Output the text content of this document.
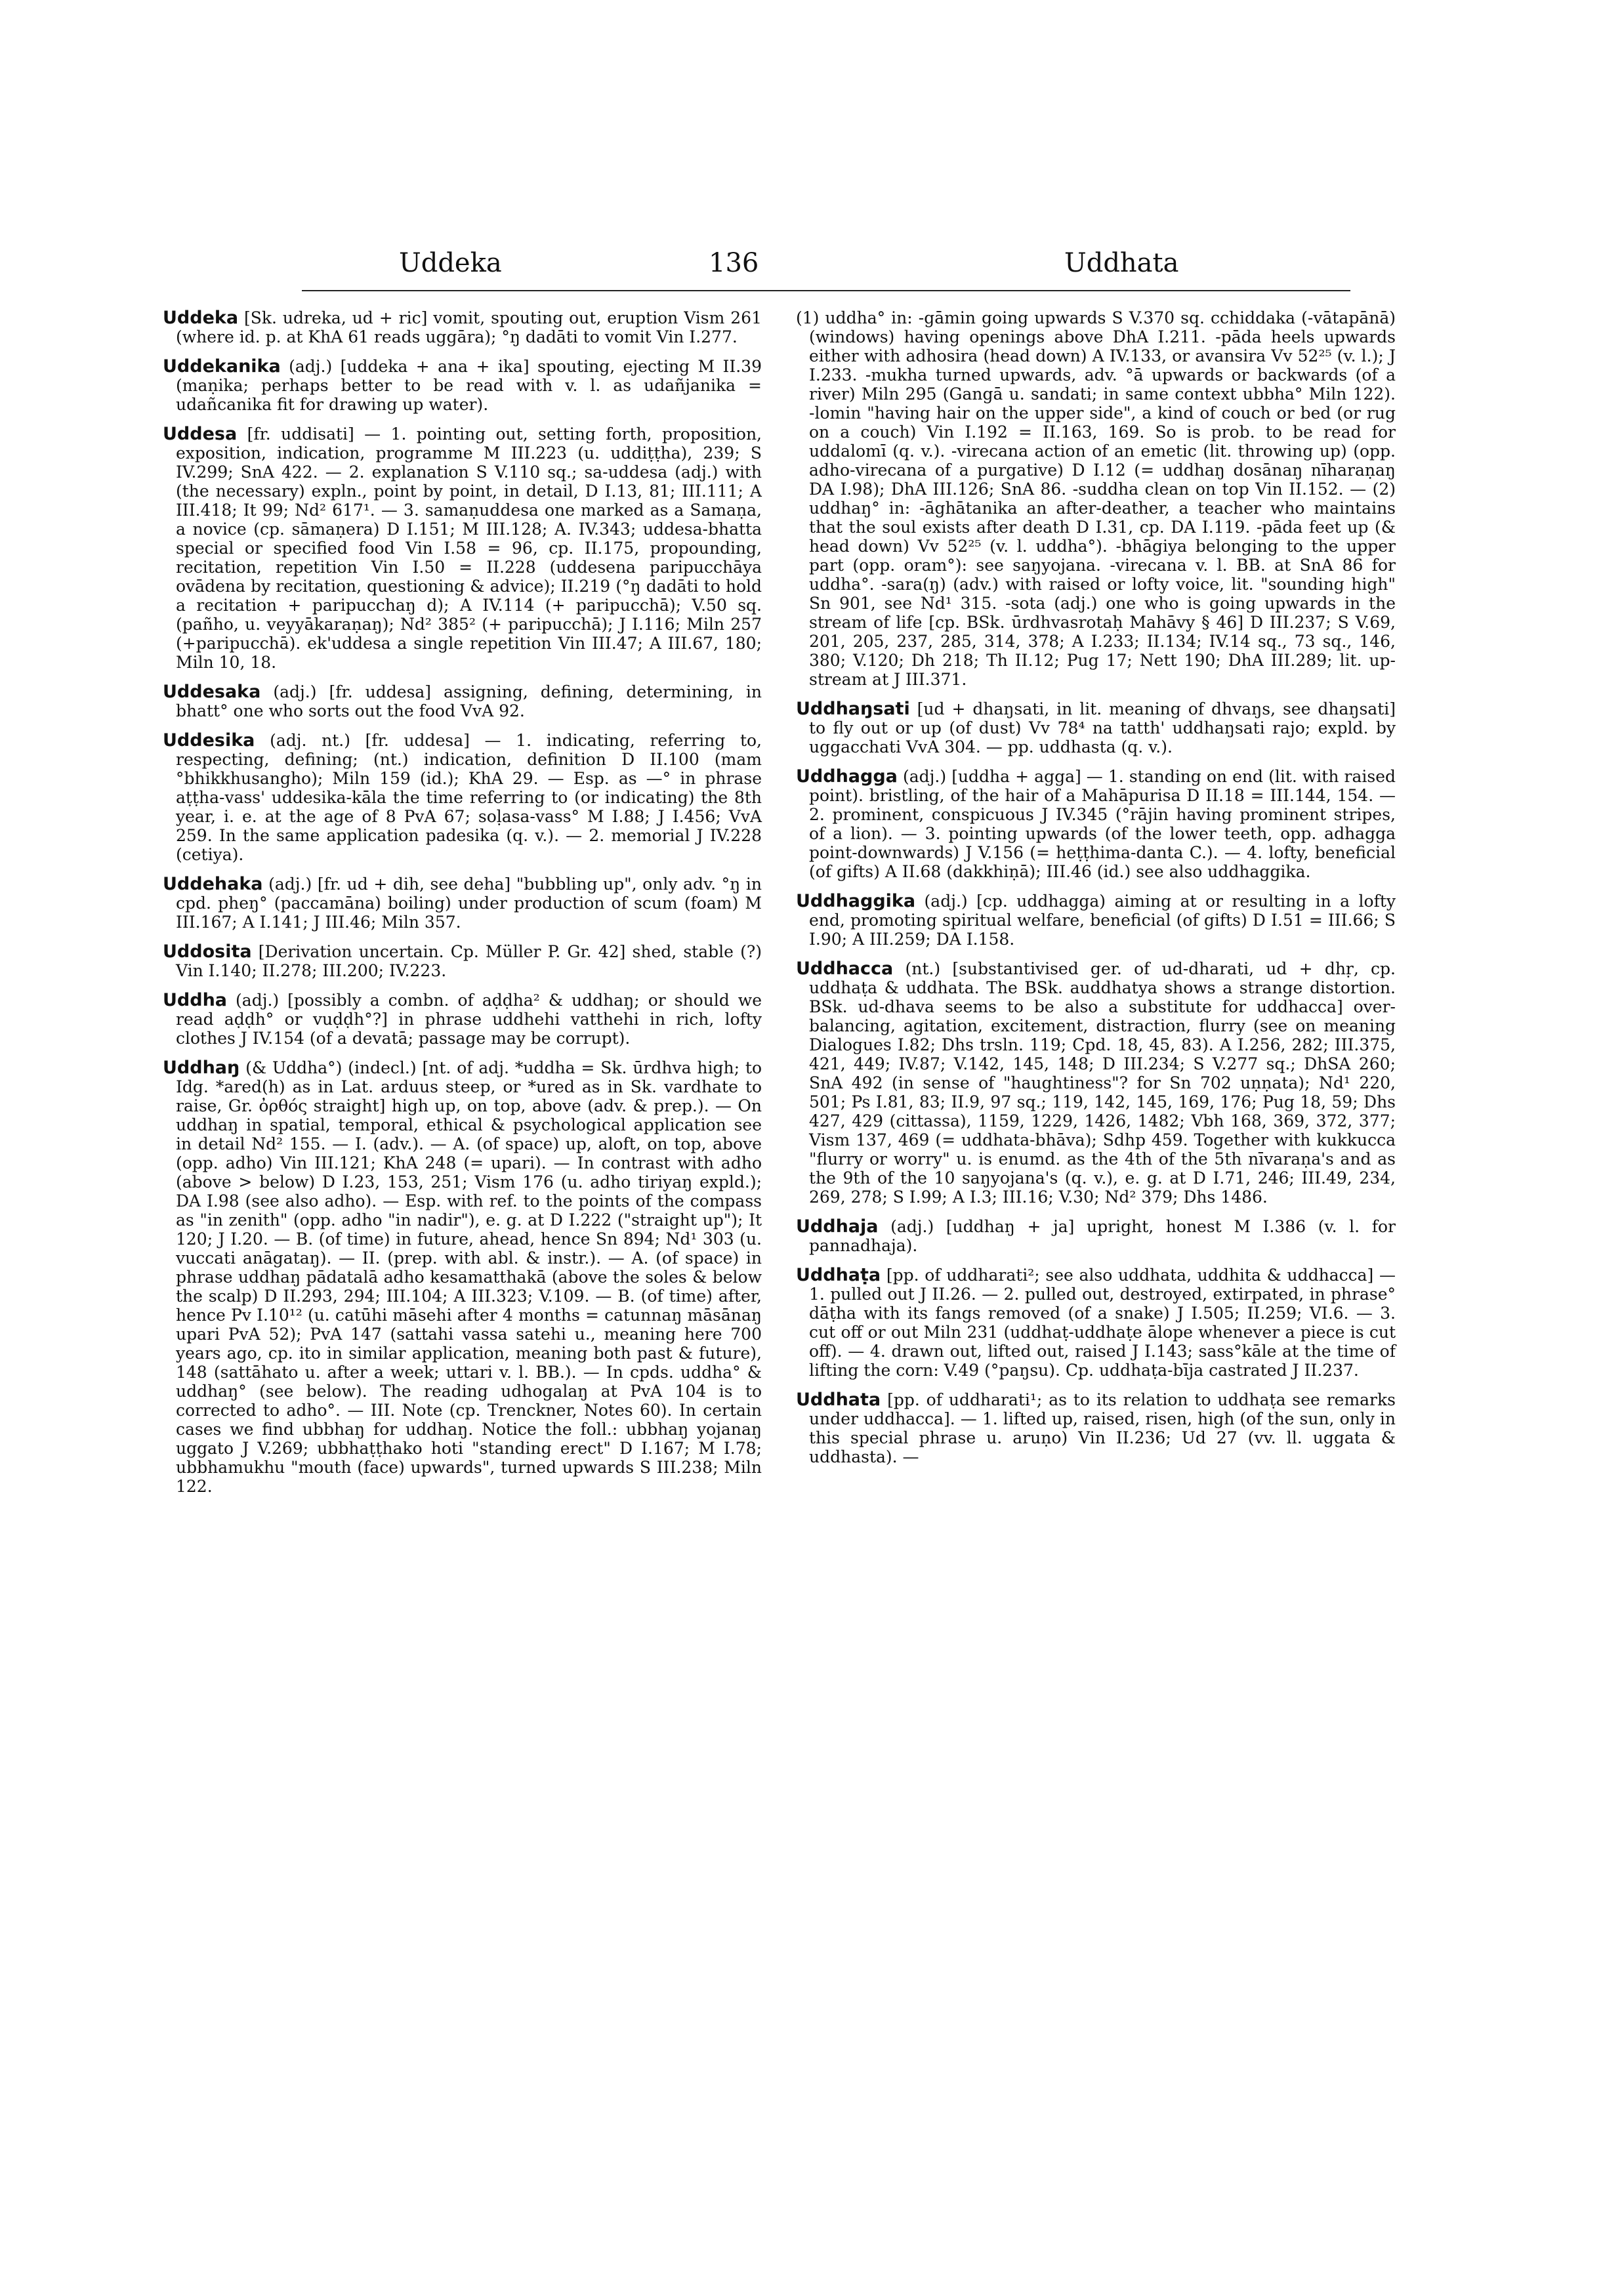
Uddeka	136	Uddhata

Uddeka [Sk. udreka, ud + ric] vomit, spouting out, eruption Vism 261 (where id. p. at KhA 61 reads uggāra); °ŋ dadāti to vomit Vin I.277.

Uddekanika (adj.) [uddeka + ana + ika] spouting, ejecting M II.39 (maṇika; perhaps better to be read with v. l. as udañjanika = udañcanika fit for drawing up water).

Uddesa [fr. uddisati] — 1. pointing out, setting forth, proposition, exposition, indication, programme M III.223 (u. uddiṭṭha), 239; S IV.299; SnA 422. — 2. explanation S V.110 sq.; sa-uddesa (adj.) with (the necessary) expln., point by point, in detail, D I.13, 81; III.111; A III.418; It 99; Nd² 617¹. — 3. samaṇuddesa one marked as a Samaṇa, a novice (cp. sāmaṇera) D I.151; M III.128; A. IV.343; uddesa-bhatta special or specified food Vin I.58 = 96, cp. II.175, propounding, recitation, repetition Vin I.50 = II.228 (uddesena paripucchāya ovādena by recitation, questioning & advice); II.219 (°ŋ dadāti to hold a recitation + paripucchaŋ d); A IV.114 (+ paripucchā); V.50 sq. (pañho, u. veyyākaraṇaŋ); Nd² 385² (+ paripucchā); J I.116; Miln 257 (+paripucchā). ek'uddesa a single repetition Vin III.47; A III.67, 180; Miln 10, 18.

Uddesaka (adj.) [fr. uddesa] assigning, defining, determining, in bhatt° one who sorts out the food VvA 92.

Uddesika (adj. nt.) [fr. uddesa] — 1. indicating, referring to, respecting, defining; (nt.) indication, definition D II.100 (mam °bhikkhusangho); Miln 159 (id.); KhA 29. — Esp. as —° in phrase aṭṭha-vass' uddesika-kāla the time referring to (or indicating) the 8th year, i. e. at the age of 8 PvA 67; soḷasa-vass° M I.88; J I.456; VvA 259. In the same application padesika (q. v.). — 2. memorial J IV.228 (cetiya).

Uddehaka (adj.) [fr. ud + dih, see deha] "bubbling up", only adv. °ŋ in cpd. pheŋ° (paccamāna) boiling) under production of scum (foam) M III.167; A I.141; J III.46; Miln 357.

Uddosita [Derivation uncertain. Cp. Müller P. Gr. 42] shed, stable (?) Vin I.140; II.278; III.200; IV.223.

Uddha (adj.) [possibly a combn. of aḍḍha² & uddhaŋ; or should we read aḍḍh° or vuḍḍh°?] in phrase uddhehi vatthehi in rich, lofty clothes J IV.154 (of a devatā; passage may be corrupt).

Uddhaŋ (& Uddha°) (indecl.) [nt. of adj. *uddha = Sk. ūrdhva high; to Idg. *ared(h) as in Lat. arduus steep, or *ured as in Sk. vardhate to raise, Gr. ὀρθός straight] high up, on top, above (adv. & prep.). — On uddhaŋ in spatial, temporal, ethical & psychological application see in detail Nd² 155. — I. (adv.). — A. (of space) up, aloft, on top, above (opp. adho) Vin III.121; KhA 248 (= upari). — In contrast with adho (above > below) D I.23, 153, 251; Vism 176 (u. adho tiriyaŋ expld.); DA I.98 (see also adho). — Esp. with ref. to the points of the compass as "in zenith" (opp. adho "in nadir"), e. g. at D I.222 ("straight up"); It 120; J I.20. — B. (of time) in future, ahead, hence Sn 894; Nd¹ 303 (u. vuccati anāgataŋ). — II. (prep. with abl. & instr.). — A. (of space) in phrase uddhaŋ pādatalā adho kesamatthakā (above the soles & below the scalp) D II.293, 294; III.104; A III.323; V.109. — B. (of time) after, hence Pv I.10¹² (u. catūhi māsehi after 4 months = catunnaŋ māsānaŋ upari PvA 52); PvA 147 (sattahi vassa satehi u., meaning here 700 years ago, cp. ito in similar application, meaning both past & future), 148 (sattāhato u. after a week; uttari v. l. BB.). — In cpds. uddha° & uddhaŋ° (see below). The reading udhogalaŋ at PvA 104 is to corrected to adho°. — III. Note (cp. Trenckner, Notes 60). In certain cases we find ubbhaŋ for uddhaŋ. Notice the foll.: ubbhaŋ yojanaŋ uggato J V.269; ubbhaṭṭhako hoti "standing erect" D I.167; M I.78; ubbhamukhu "mouth (face) upwards", turned upwards S III.238; Miln 122.

(1) uddha° in: -gāmin going upwards S V.370 sq. cchiddaka (-vātapānā) (windows) having openings above DhA I.211. -pāda heels upwards either with adhosira (head down) A IV.133, or avansira Vv 52²⁵ (v. l.); J I.233. -mukha turned upwards, adv. °ā upwards or backwards (of a river) Miln 295 (Gangā u. sandati; in same context ubbha° Miln 122). -lomin "having hair on the upper side", a kind of couch or bed (or rug on a couch) Vin I.192 = II.163, 169. So is prob. to be read for uddalomī (q. v.). -virecana action of an emetic (lit. throwing up) (opp. adho-virecana of a purgative) D I.12 (= uddhaŋ dosānaŋ nīharaṇaŋ DA I.98); DhA III.126; SnA 86. -suddha clean on top Vin II.152. — (2) uddhaŋ° in: -āghātanika an after-deather, a teacher who maintains that the soul exists after death D I.31, cp. DA I.119. -pāda feet up (& head down) Vv 52²⁵ (v. l. uddha°). -bhāgiya belonging to the upper part (opp. oram°): see saŋyojana. -virecana v. l. BB. at SnA 86 for uddha°. -sara(ŋ) (adv.) with raised or lofty voice, lit. "sounding high" Sn 901, see Nd¹ 315. -sota (adj.) one who is going upwards in the stream of life [cp. BSk. ūrdhvasrotaḥ Mahāvy § 46] D III.237; S V.69, 201, 205, 237, 285, 314, 378; A I.233; II.134; IV.14 sq., 73 sq., 146, 380; V.120; Dh 218; Th II.12; Pug 17; Nett 190; DhA III.289; lit. up-stream at J III.371.

Uddhaŋsati [ud + dhaŋsati, in lit. meaning of dhvaŋs, see dhaŋsati] to fly out or up (of dust) Vv 78⁴ na tatth' uddhaŋsati rajo; expld. by uggacchati VvA 304. — pp. uddhasta (q. v.).

Uddhagga (adj.) [uddha + agga] — 1. standing on end (lit. with raised point). bristling, of the hair of a Mahāpurisa D II.18 = III.144, 154. — 2. prominent, conspicuous J IV.345 (°rājin having prominent stripes, of a lion). — 3. pointing upwards (of the lower teeth, opp. adhagga point-downwards) J V.156 (= heṭṭhima-danta C.). — 4. lofty, beneficial (of gifts) A II.68 (dakkhiṇā); III.46 (id.) see also uddhaggika.

Uddhaggika (adj.) [cp. uddhagga) aiming at or resulting in a lofty end, promoting spiritual welfare, beneficial (of gifts) D I.51 = III.66; S I.90; A III.259; DA I.158.

Uddhacca (nt.) [substantivised ger. of ud-dharati, ud + dhṛ, cp. uddhaṭa & uddhata. The BSk. auddhatya shows a strange distortion. BSk. ud-dhava seems to be also a substitute for uddhacca] over-balancing, agitation, excitement, distraction, flurry (see on meaning Dialogues I.82; Dhs trsln. 119; Cpd. 18, 45, 83). A I.256, 282; III.375, 421, 449; IV.87; V.142, 145, 148; D III.234; S V.277 sq.; DhSA 260; SnA 492 (in sense of "haughtiness"? for Sn 702 uṇṇata); Nd¹ 220, 501; Ps I.81, 83; II.9, 97 sq.; 119, 142, 145, 169, 176; Pug 18, 59; Dhs 427, 429 (cittassa), 1159, 1229, 1426, 1482; Vbh 168, 369, 372, 377; Vism 137, 469 (= uddhata-bhāva); Sdhp 459. Together with kukkucca "flurry or worry" u. is enumd. as the 4th of the 5th nīvaraṇa's and as the 9th of the 10 saŋyojana's (q. v.), e. g. at D I.71, 246; III.49, 234, 269, 278; S I.99; A I.3; III.16; V.30; Nd² 379; Dhs 1486.

Uddhaja (adj.) [uddhaŋ + ja] upright, honest M I.386 (v. l. for pannadhaja).

Uddhaṭa [pp. of uddharati²; see also uddhata, uddhita & uddhacca] — 1. pulled out J II.26. — 2. pulled out, destroyed, extirpated, in phrase° dāṭha with its fangs removed (of a snake) J I.505; II.259; VI.6. — 3. cut off or out Miln 231 (uddhaṭ-uddhaṭe ālope whenever a piece is cut off). — 4. drawn out, lifted out, raised J I.143; sass°kāle at the time of lifting the corn: V.49 (°paŋsu). Cp. uddhaṭa-bīja castrated J II.237.

Uddhata [pp. of uddharati¹; as to its relation to uddhaṭa see remarks under uddhacca]. — 1. lifted up, raised, risen, high (of the sun, only in this special phrase u. aruṇo) Vin II.236; Ud 27 (vv. ll. uggata & uddhasta). —
